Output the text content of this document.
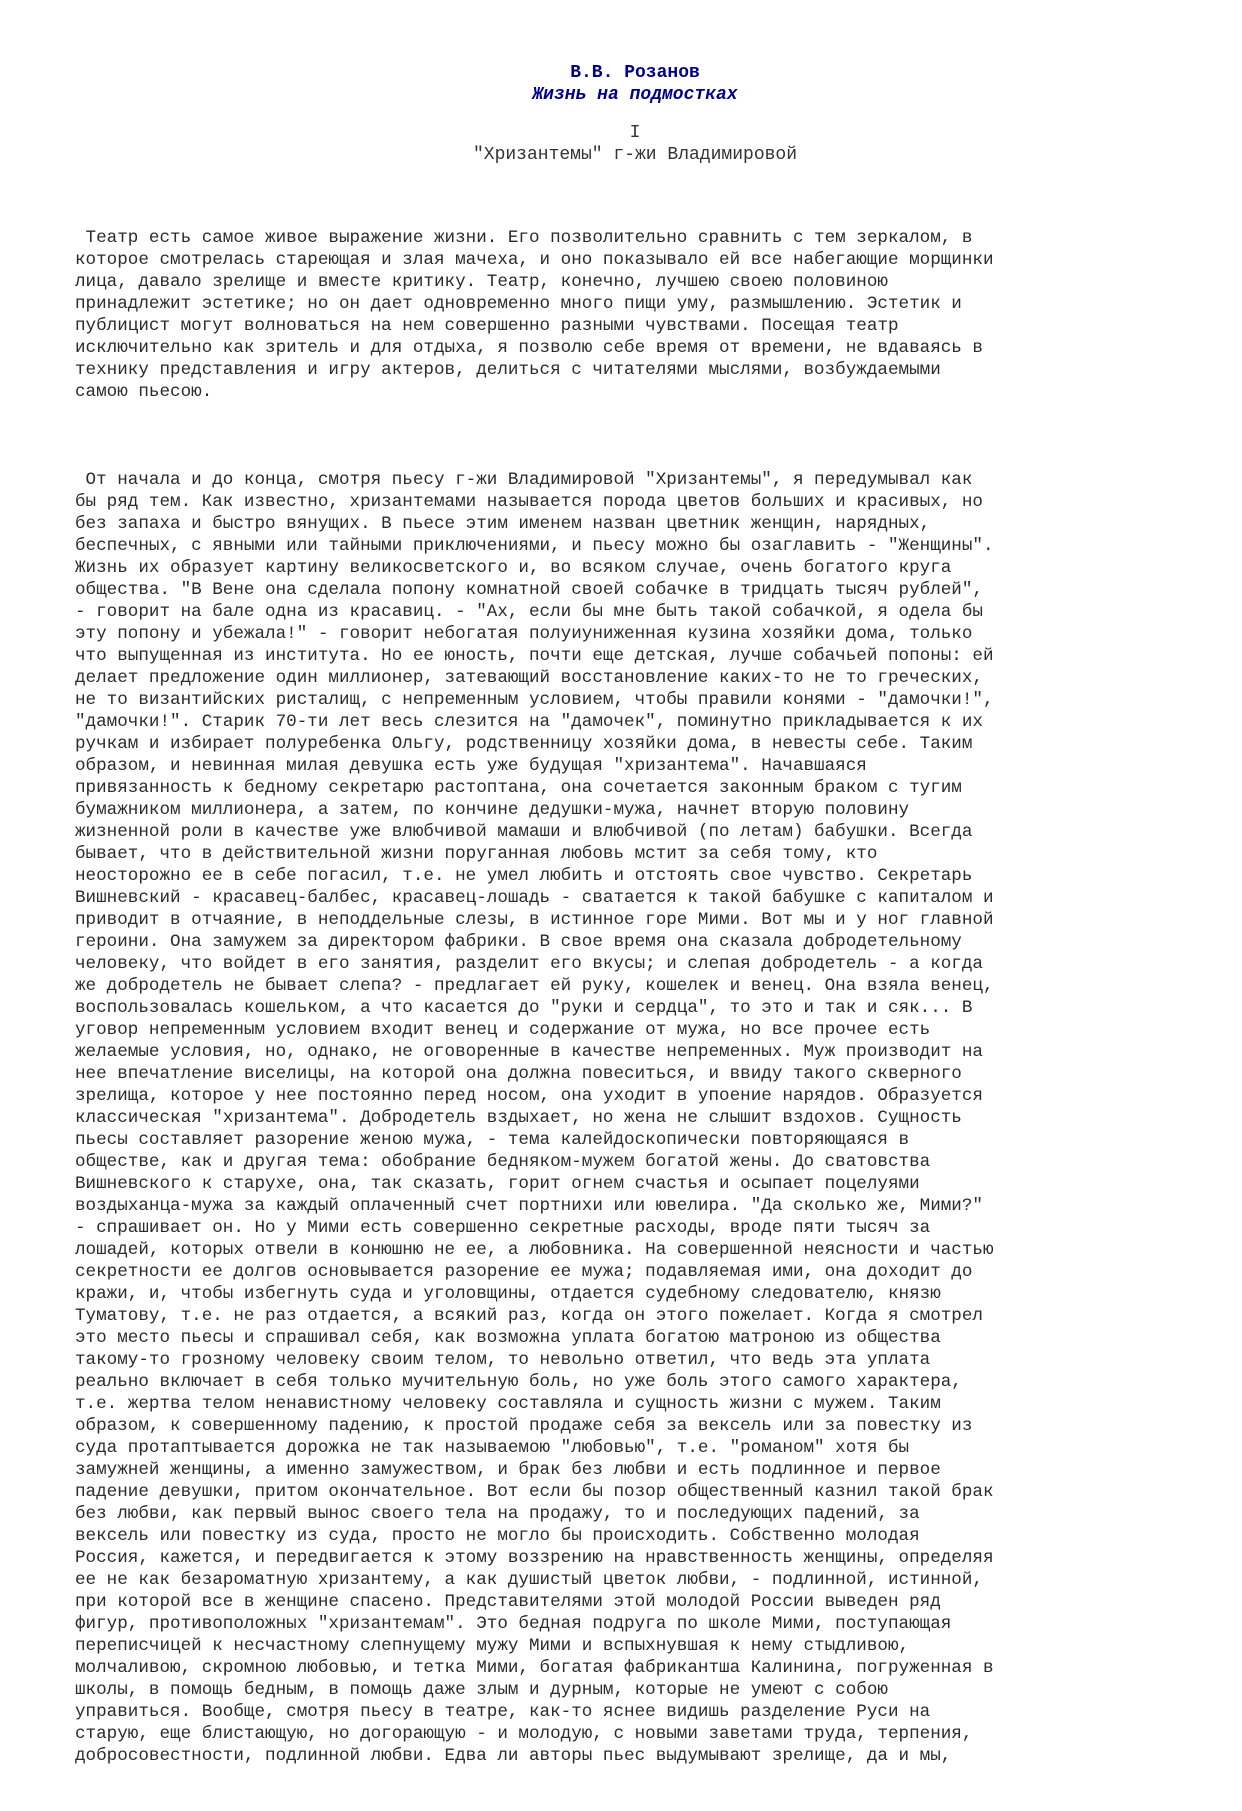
В.В. Розанов
Жизнь на подмостках
I
"Хризантемы" г-жи Владимировой

Театр есть самое живое выражение жизни. Его позволительно сравнить с тем зеркалом, в
которое смотрелась стареющая и злая мачеха, и оно показывало ей все набегающие морщинки
лица, давало зрелище и вместе критику. Театр, конечно, лучшею своею половиною
принадлежит эстетике; но он дает одновременно много пищи уму, размышлению. Эстетик и
публицист могут волноваться на нем совершенно разными чувствами. Посещая театр
исключительно как зритель и для отдыха, я позволю себе время от времени, не вдаваясь в
технику представления и игру актеров, делиться с читателями мыслями, возбуждаемыми
самою пьесою.

От начала и до конца, смотря пьесу г-жи Владимировой "Хризантемы", я передумывал как
бы ряд тем. Как известно, хризантемами называется порода цветов больших и красивых, но
без запаха и быстро вянущих. В пьесе этим именем назван цветник женщин, нарядных,
беспечных, с явными или тайными приключениями, и пьесу можно бы озаглавить - "Женщины".
Жизнь их образует картину великосветского и, во всяком случае, очень богатого круга
общества. "В Вене она сделала попону комнатной своей собачке в тридцать тысяч рублей",
- говорит на бале одна из красавиц. - "Ах, если бы мне быть такой собачкой, я одела бы
эту попону и убежала!" - говорит небогатая полуиуниженная кузина хозяйки дома, только
что выпущенная из института. Но ее юность, почти еще детская, лучше собачьей попоны: ей
делает предложение один миллионер, затевающий восстановление каких-то не то греческих,
не то византийских ристалищ, с непременным условием, чтобы правили конями - "дамочки!",
"дамочки!". Старик 70-ти лет весь слезится на "дамочек", поминутно прикладывается к их
ручкам и избирает полуребенка Ольгу, родственницу хозяйки дома, в невесты себе. Таким
образом, и невинная милая девушка есть уже будущая "хризантема". Начавшаяся
привязанность к бедному секретарю растоптана, она сочетается законным браком с тугим
бумажником миллионера, а затем, по кончине дедушки-мужа, начнет вторую половину
жизненной роли в качестве уже влюбчивой мамаши и влюбчивой (по летам) бабушки. Всегда
бывает, что в действительной жизни поруганная любовь мстит за себя тому, кто
неосторожно ее в себе погасил, т.е. не умел любить и отстоять свое чувство. Секретарь
Вишневский - красавец-балбес, красавец-лошадь - сватается к такой бабушке с капиталом и
приводит в отчаяние, в неподдельные слезы, в истинное горе Мими. Вот мы и у ног главной
героини. Она замужем за директором фабрики. В свое время она сказала добродетельному
человеку, что войдет в его занятия, разделит его вкусы; и слепая добродетель - а когда
же добродетель не бывает слепа? - предлагает ей руку, кошелек и венец. Она взяла венец,
воспользовалась кошельком, а что касается до "руки и сердца", то это и так и сяк... В
уговор непременным условием входит венец и содержание от мужа, но все прочее есть
желаемые условия, но, однако, не оговоренные в качестве непременных. Муж производит на
нее впечатление виселицы, на которой она должна повеситься, и ввиду такого скверного
зрелища, которое у нее постоянно перед носом, она уходит в упоение нарядов. Образуется
классическая "хризантема". Добродетель вздыхает, но жена не слышит вздохов. Сущность
пьесы составляет разорение женою мужа, - тема калейдоскопически повторяющаяся в
обществе, как и другая тема: обобрание бедняком-мужем богатой жены. До сватовства
Вишневского к старухе, она, так сказать, горит огнем счастья и осыпает поцелуями
воздыханца-мужа за каждый оплаченный счет портнихи или ювелира. "Да сколько же, Мими?"
- спрашивает он. Но у Мими есть совершенно секретные расходы, вроде пяти тысяч за
лошадей, которых отвели в конюшню не ее, а любовника. На совершенной неясности и частью
секретности ее долгов основывается разорение ее мужа; подавляемая ими, она доходит до
кражи, и, чтобы избегнуть суда и уголовщины, отдается судебному следователю, князю
Туматову, т.е. не раз отдается, а всякий раз, когда он этого пожелает. Когда я смотрел
это место пьесы и спрашивал себя, как возможна уплата богатою матроною из общества
такому-то грозному человеку своим телом, то невольно ответил, что ведь эта уплата
реально включает в себя только мучительную боль, но уже боль этого самого характера,
т.е. жертва телом ненавистному человеку составляла и сущность жизни с мужем. Таким
образом, к совершенному падению, к простой продаже себя за вексель или за повестку из
суда протаптывается дорожка не так называемою "любовью", т.е. "романом" хотя бы
замужней женщины, а именно замужеством, и брак без любви и есть подлинное и первое
падение девушки, притом окончательное. Вот если бы позор общественный казнил такой брак
без любви, как первый вынос своего тела на продажу, то и последующих падений, за
вексель или повестку из суда, просто не могло бы происходить. Собственно молодая
Россия, кажется, и передвигается к этому воззрению на нравственность женщины, определяя
ее не как безароматную хризантему, а как душистый цветок любви, - подлинной, истинной,
при которой все в женщине спасено. Представителями этой молодой России выведен ряд
фигур, противоположных "хризантемам". Это бедная подруга по школе Мими, поступающая
переписчицей к несчастному слепнущему мужу Мими и вспыхнувшая к нему стыдливою,
молчаливою, скромною любовью, и тетка Мими, богатая фабрикантша Калинина, погруженная в
школы, в помощь бедным, в помощь даже злым и дурным, которые не умеют с собою
управиться. Вообще, смотря пьесу в театре, как-то яснее видишь разделение Руси на
старую, еще блистающую, но догорающую - и молодую, с новыми заветами труда, терпения,
добросовестности, подлинной любви. Едва ли авторы пьес выдумывают зрелище, да и мы,
